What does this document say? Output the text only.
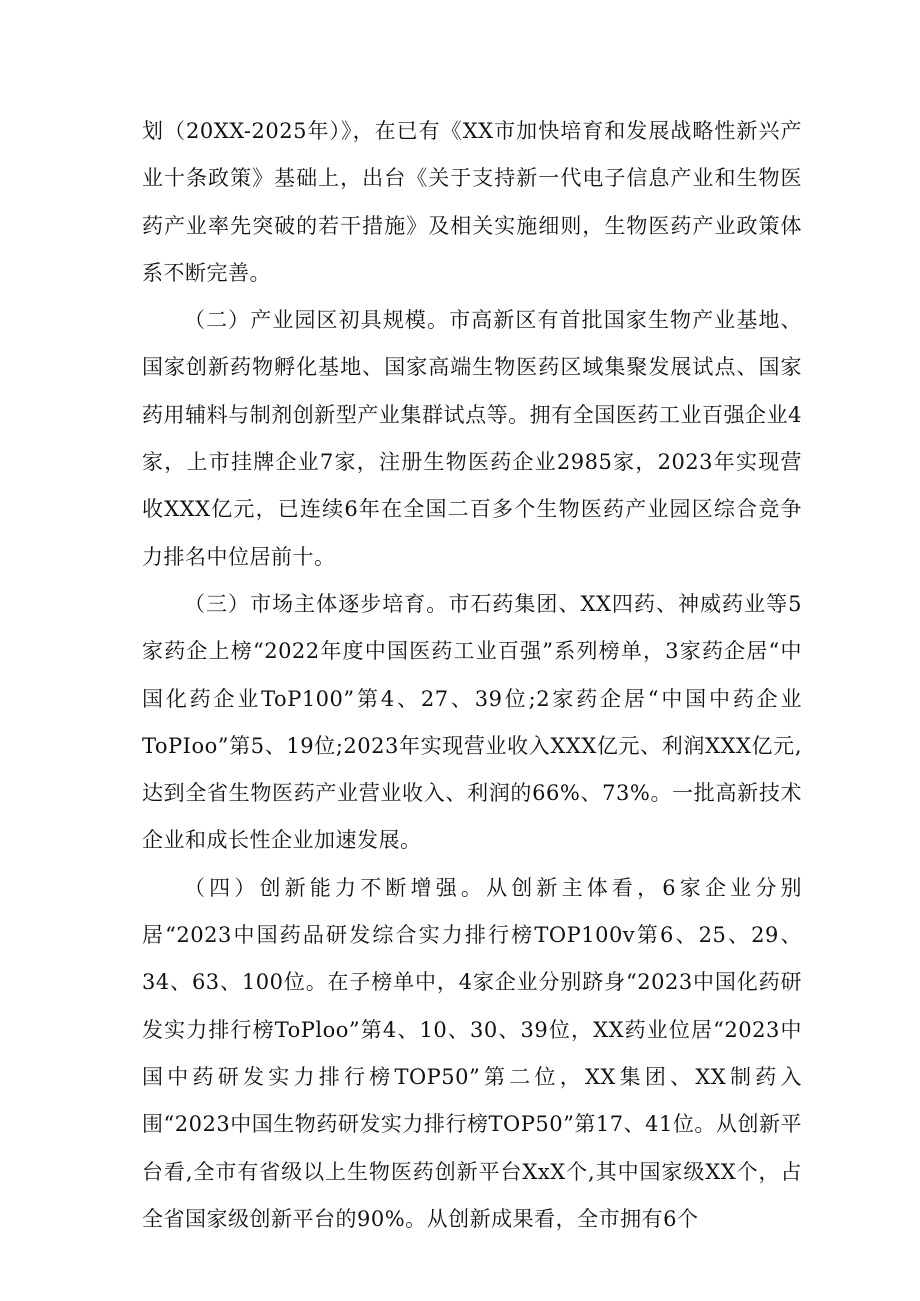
划（20XX-2025年）》，在已有《XX市加快培育和发展战略性新兴产业十条政策》基础上，出台《关于支持新一代电子信息产业和生物医药产业率先突破的若干措施》及相关实施细则，生物医药产业政策体系不断完善。

（二）产业园区初具规模。市高新区有首批国家生物产业基地、国家创新药物孵化基地、国家高端生物医药区域集聚发展试点、国家药用辅料与制剂创新型产业集群试点等。拥有全国医药工业百强企业4家，上市挂牌企业7家，注册生物医药企业2985家，2023年实现营收XXX亿元，已连续6年在全国二百多个生物医药产业园区综合竞争力排名中位居前十。

（三）市场主体逐步培育。市石药集团、XX四药、神威药业等5家药企上榜“2022年度中国医药工业百强”系列榜单，3家药企居“中国化药企业ToP100”第4、27、39位;2家药企居“中国中药企业ToPIoo”第5、19位;2023年实现营业收入XXX亿元、利润XXX亿元,达到全省生物医药产业营业收入、利润的66%、73%。一批高新技术企业和成长性企业加速发展。

（四）创新能力不断增强。从创新主体看，6家企业分别居“2023中国药品研发综合实力排行榜TOP100v第6、25、29、34、63、100位。在子榜单中，4家企业分别跻身“2023中国化药研发实力排行榜ToPloo”第4、10、30、39位，XX药业位居“2023中国中药研发实力排行榜TOP50”第二位，XX集团、XX制药入围“2023中国生物药研发实力排行榜TOP50”第17、41位。从创新平台看,全市有省级以上生物医药创新平台XxX个,其中国家级XX个，占全省国家级创新平台的90%。从创新成果看，全市拥有6个
